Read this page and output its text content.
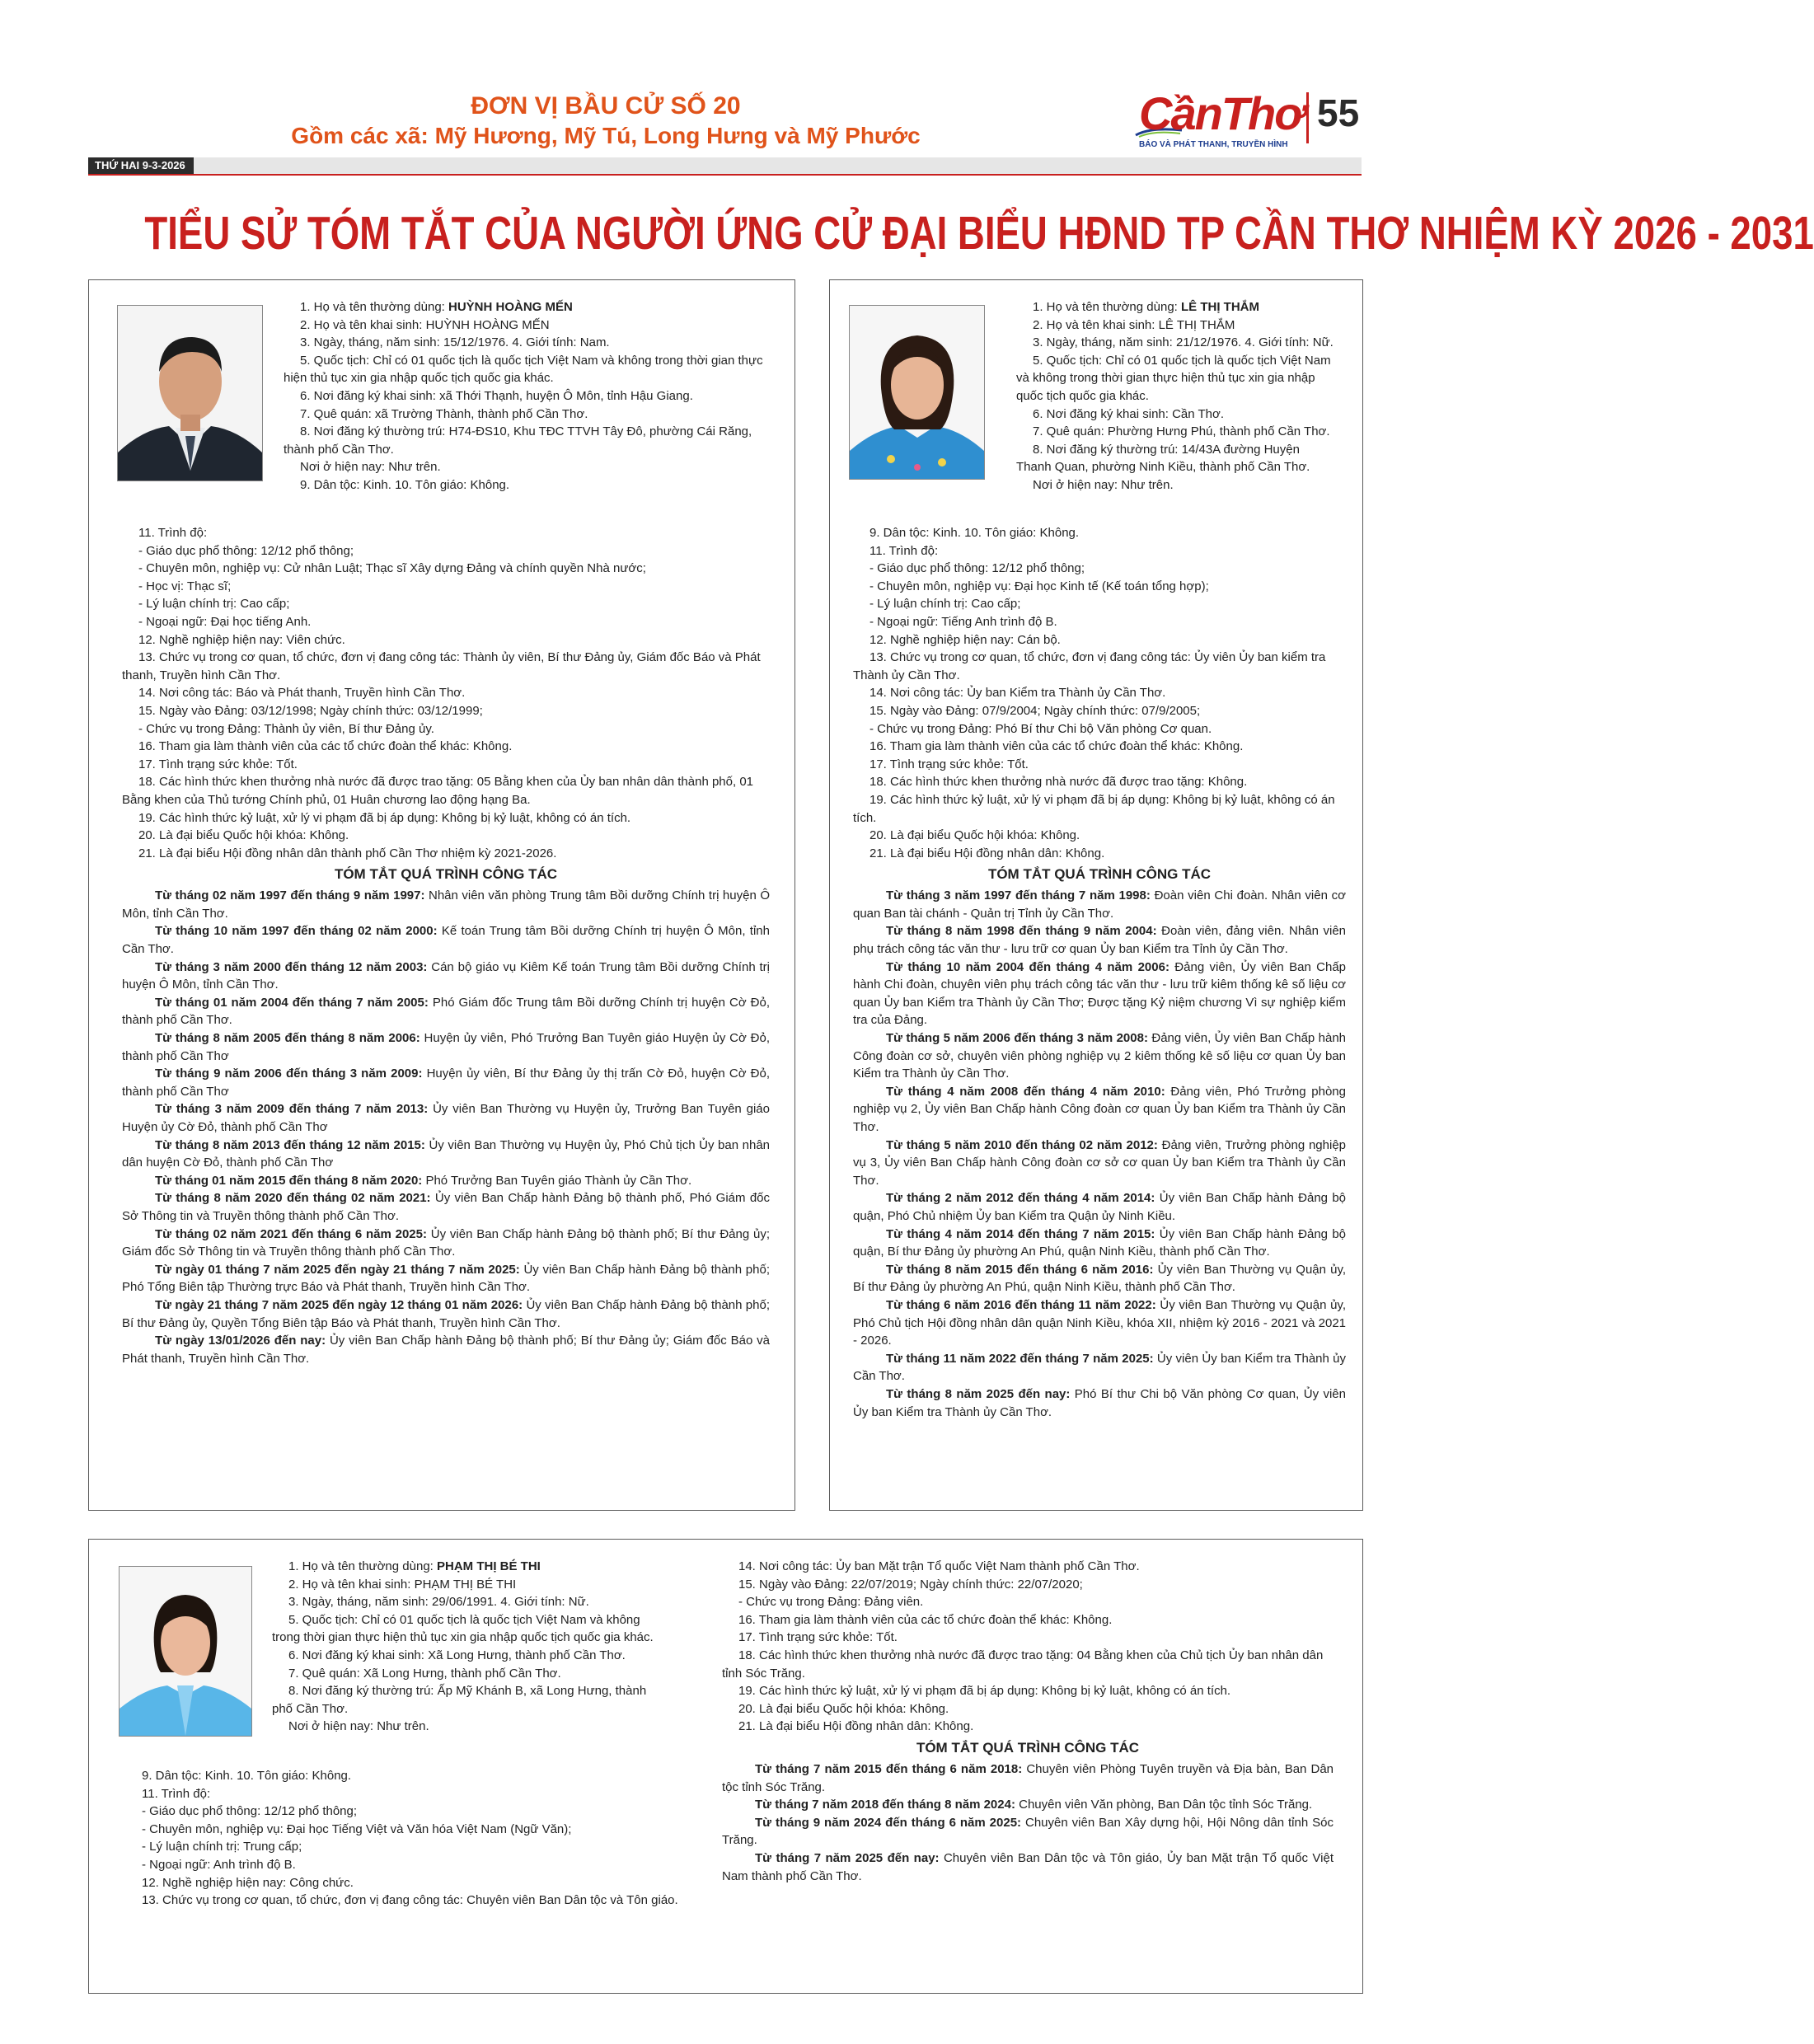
ĐƠN VỊ BẦU CỬ SỐ 20
Gồm các xã: Mỹ Hương, Mỹ Tú, Long Hưng và Mỹ Phước	CầnThơ
BÁO VÀ PHÁT THANH, TRUYỀN HÌNH
55
THỨ HAI 9-3-2026
TIỂU SỬ TÓM TẮT CỦA NGƯỜI ỨNG CỬ ĐẠI BIỂU HĐND TP CẦN THƠ NHIỆM KỲ 2026 - 2031

1. Họ và tên thường dùng: HUỲNH HOÀNG MẾN

2. Họ và tên khai sinh: HUỲNH HOÀNG MẾN

3. Ngày, tháng, năm sinh: 15/12/1976. 4. Giới tính: Nam.

5. Quốc tịch: Chỉ có 01 quốc tịch là quốc tịch Việt Nam và không trong thời gian thực hiện thủ tục xin gia nhập quốc tịch quốc gia khác.

6. Nơi đăng ký khai sinh: xã Thới Thạnh, huyện Ô Môn, tỉnh Hậu Giang.

7. Quê quán: xã Trường Thành, thành phố Cần Thơ.

8. Nơi đăng ký thường trú: H74-ĐS10, Khu TĐC TTVH Tây Đô, phường Cái Răng, thành phố Cần Thơ.

Nơi ở hiện nay: Như trên.

9. Dân tộc: Kinh. 10. Tôn giáo: Không.

11. Trình độ:

- Giáo dục phổ thông: 12/12 phổ thông;

- Chuyên môn, nghiệp vụ: Cử nhân Luật; Thạc sĩ Xây dựng Đảng và chính quyền Nhà nước;

- Học vị: Thạc sĩ;

- Lý luận chính trị: Cao cấp;

- Ngoại ngữ: Đại học tiếng Anh.

12. Nghề nghiệp hiện nay: Viên chức.

13. Chức vụ trong cơ quan, tổ chức, đơn vị đang công tác: Thành ủy viên, Bí thư Đảng ủy, Giám đốc Báo và Phát thanh, Truyền hình Cần Thơ.

14. Nơi công tác: Báo và Phát thanh, Truyền hình Cần Thơ.

15. Ngày vào Đảng: 03/12/1998; Ngày chính thức: 03/12/1999;

- Chức vụ trong Đảng: Thành ủy viên, Bí thư Đảng ủy.

16. Tham gia làm thành viên của các tổ chức đoàn thể khác: Không.

17. Tình trạng sức khỏe: Tốt.

18. Các hình thức khen thưởng nhà nước đã được trao tặng: 05 Bằng khen của Ủy ban nhân dân thành phố, 01 Bằng khen của Thủ tướng Chính phủ, 01 Huân chương lao động hạng Ba.

19. Các hình thức kỷ luật, xử lý vi phạm đã bị áp dụng: Không bị kỷ luật, không có án tích.

20. Là đại biểu Quốc hội khóa: Không.

21. Là đại biểu Hội đồng nhân dân thành phố Cần Thơ nhiệm kỳ 2021-2026.

TÓM TẮT QUÁ TRÌNH CÔNG TÁC

Từ tháng 02 năm 1997 đến tháng 9 năm 1997: Nhân viên văn phòng Trung tâm Bồi dưỡng Chính trị huyện Ô Môn, tỉnh Cần Thơ.

Từ tháng 10 năm 1997 đến tháng 02 năm 2000: Kế toán Trung tâm Bồi dưỡng Chính trị huyện Ô Môn, tỉnh Cần Thơ.

Từ tháng 3 năm 2000 đến tháng 12 năm 2003: Cán bộ giáo vụ Kiêm Kế toán Trung tâm Bồi dưỡng Chính trị huyện Ô Môn, tỉnh Cần Thơ.

Từ tháng 01 năm 2004 đến tháng 7 năm 2005: Phó Giám đốc Trung tâm Bồi dưỡng Chính trị huyện Cờ Đỏ, thành phố Cần Thơ.

Từ tháng 8 năm 2005 đến tháng 8 năm 2006: Huyện ủy viên, Phó Trưởng Ban Tuyên giáo Huyện ủy Cờ Đỏ, thành phố Cần Thơ

Từ tháng 9 năm 2006 đến tháng 3 năm 2009: Huyện ủy viên, Bí thư Đảng ủy thị trấn Cờ Đỏ, huyện Cờ Đỏ, thành phố Cần Thơ

Từ tháng 3 năm 2009 đến tháng 7 năm 2013: Ủy viên Ban Thường vụ Huyện ủy, Trưởng Ban Tuyên giáo Huyện ủy Cờ Đỏ, thành phố Cần Thơ

Từ tháng 8 năm 2013 đến tháng 12 năm 2015: Ủy viên Ban Thường vụ Huyện ủy, Phó Chủ tịch Ủy ban nhân dân huyện Cờ Đỏ, thành phố Cần Thơ

Từ tháng 01 năm 2015 đến tháng 8 năm 2020: Phó Trưởng Ban Tuyên giáo Thành ủy Cần Thơ.

Từ tháng 8 năm 2020 đến tháng 02 năm 2021: Ủy viên Ban Chấp hành Đảng bộ thành phố, Phó Giám đốc Sở Thông tin và Truyền thông thành phố Cần Thơ.

Từ tháng 02 năm 2021 đến tháng 6 năm 2025: Ủy viên Ban Chấp hành Đảng bộ thành phố; Bí thư Đảng ủy; Giám đốc Sở Thông tin và Truyền thông thành phố Cần Thơ.

Từ ngày 01 tháng 7 năm 2025 đến ngày 21 tháng 7 năm 2025: Ủy viên Ban Chấp hành Đảng bộ thành phố; Phó Tổng Biên tập Thường trực Báo và Phát thanh, Truyền hình Cần Thơ.

Từ ngày 21 tháng 7 năm 2025 đến ngày 12 tháng 01 năm 2026: Ủy viên Ban Chấp hành Đảng bộ thành phố; Bí thư Đảng ủy, Quyền Tổng Biên tập Báo và Phát thanh, Truyền hình Cần Thơ.

Từ ngày 13/01/2026 đến nay: Ủy viên Ban Chấp hành Đảng bộ thành phố; Bí thư Đảng ủy; Giám đốc Báo và Phát thanh, Truyền hình Cần Thơ.

1. Họ và tên thường dùng: LÊ THỊ THẮM

2. Họ và tên khai sinh: LÊ THỊ THẮM

3. Ngày, tháng, năm sinh: 21/12/1976. 4. Giới tính: Nữ.

5. Quốc tịch: Chỉ có 01 quốc tịch là quốc tịch Việt Nam và không trong thời gian thực hiện thủ tục xin gia nhập quốc tịch quốc gia khác.

6. Nơi đăng ký khai sinh: Cần Thơ.

7. Quê quán: Phường Hưng Phú, thành phố Cần Thơ.

8. Nơi đăng ký thường trú: 14/43A đường Huyện Thanh Quan, phường Ninh Kiều, thành phố Cần Thơ.

Nơi ở hiện nay: Như trên.

9. Dân tộc: Kinh. 10. Tôn giáo: Không.

11. Trình độ:

- Giáo dục phổ thông: 12/12 phổ thông;

- Chuyên môn, nghiệp vụ: Đại học Kinh tế (Kế toán tổng hợp);

- Lý luận chính trị: Cao cấp;

- Ngoại ngữ: Tiếng Anh trình độ B.

12. Nghề nghiệp hiện nay: Cán bộ.

13. Chức vụ trong cơ quan, tổ chức, đơn vị đang công tác: Ủy viên Ủy ban kiểm tra Thành ủy Cần Thơ.

14. Nơi công tác: Ủy ban Kiểm tra Thành ủy Cần Thơ.

15. Ngày vào Đảng: 07/9/2004; Ngày chính thức: 07/9/2005;

- Chức vụ trong Đảng: Phó Bí thư Chi bộ Văn phòng Cơ quan.

16. Tham gia làm thành viên của các tổ chức đoàn thể khác: Không.

17. Tình trạng sức khỏe: Tốt.

18. Các hình thức khen thưởng nhà nước đã được trao tặng: Không.

19. Các hình thức kỷ luật, xử lý vi phạm đã bị áp dụng: Không bị kỷ luật, không có án tích.

20. Là đại biểu Quốc hội khóa: Không.

21. Là đại biểu Hội đồng nhân dân: Không.

TÓM TẮT QUÁ TRÌNH CÔNG TÁC

Từ tháng 3 năm 1997 đến tháng 7 năm 1998: Đoàn viên Chi đoàn. Nhân viên cơ quan Ban tài chánh - Quản trị Tỉnh ủy Cần Thơ.

Từ tháng 8 năm 1998 đến tháng 9 năm 2004: Đoàn viên, đảng viên. Nhân viên phụ trách công tác văn thư - lưu trữ cơ quan Ủy ban Kiểm tra Tỉnh ủy Cần Thơ.

Từ tháng 10 năm 2004 đến tháng 4 năm 2006: Đảng viên, Ủy viên Ban Chấp hành Chi đoàn, chuyên viên phụ trách công tác văn thư - lưu trữ kiêm thống kê số liệu cơ quan Ủy ban Kiểm tra Thành ủy Cần Thơ; Được tặng Kỷ niệm chương Vì sự nghiệp kiểm tra của Đảng.

Từ tháng 5 năm 2006 đến tháng 3 năm 2008: Đảng viên, Ủy viên Ban Chấp hành Công đoàn cơ sở, chuyên viên phòng nghiệp vụ 2 kiêm thống kê số liệu cơ quan Ủy ban Kiểm tra Thành ủy Cần Thơ.

Từ tháng 4 năm 2008 đến tháng 4 năm 2010: Đảng viên, Phó Trưởng phòng nghiệp vụ 2, Ủy viên Ban Chấp hành Công đoàn cơ quan Ủy ban Kiểm tra Thành ủy Cần Thơ.

Từ tháng 5 năm 2010 đến tháng 02 năm 2012: Đảng viên, Trưởng phòng nghiệp vụ 3, Ủy viên Ban Chấp hành Công đoàn cơ sở cơ quan Ủy ban Kiểm tra Thành ủy Cần Thơ.

Từ tháng 2 năm 2012 đến tháng 4 năm 2014: Ủy viên Ban Chấp hành Đảng bộ quận, Phó Chủ nhiệm Ủy ban Kiểm tra Quận ủy Ninh Kiều.

Từ tháng 4 năm 2014 đến tháng 7 năm 2015: Ủy viên Ban Chấp hành Đảng bộ quận, Bí thư Đảng ủy phường An Phú, quận Ninh Kiều, thành phố Cần Thơ.

Từ tháng 8 năm 2015 đến tháng 6 năm 2016: Ủy viên Ban Thường vụ Quận ủy, Bí thư Đảng ủy phường An Phú, quận Ninh Kiều, thành phố Cần Thơ.

Từ tháng 6 năm 2016 đến tháng 11 năm 2022: Ủy viên Ban Thường vụ Quận ủy, Phó Chủ tịch Hội đồng nhân dân quận Ninh Kiều, khóa XII, nhiệm kỳ 2016 - 2021 và 2021 - 2026.

Từ tháng 11 năm 2022 đến tháng 7 năm 2025: Ủy viên Ủy ban Kiểm tra Thành ủy Cần Thơ.

Từ tháng 8 năm 2025 đến nay: Phó Bí thư Chi bộ Văn phòng Cơ quan, Ủy viên Ủy ban Kiểm tra Thành ủy Cần Thơ.

1. Họ và tên thường dùng: PHẠM THỊ BÉ THI

2. Họ và tên khai sinh: PHẠM THỊ BÉ THI

3. Ngày, tháng, năm sinh: 29/06/1991. 4. Giới tính: Nữ.

5. Quốc tịch: Chỉ có 01 quốc tịch là quốc tịch Việt Nam và không trong thời gian thực hiện thủ tục xin gia nhập quốc tịch quốc gia khác.

6. Nơi đăng ký khai sinh: Xã Long Hưng, thành phố Cần Thơ.

7. Quê quán: Xã Long Hưng, thành phố Cần Thơ.

8. Nơi đăng ký thường trú: Ấp Mỹ Khánh B, xã Long Hưng, thành phố Cần Thơ.

Nơi ở hiện nay: Như trên.

9. Dân tộc: Kinh. 10. Tôn giáo: Không.

11. Trình độ:

- Giáo dục phổ thông: 12/12 phổ thông;

- Chuyên môn, nghiệp vụ: Đại học Tiếng Việt và Văn hóa Việt Nam (Ngữ Văn);

- Lý luận chính trị: Trung cấp;

- Ngoại ngữ: Anh trình độ B.

12. Nghề nghiệp hiện nay: Công chức.

13. Chức vụ trong cơ quan, tổ chức, đơn vị đang công tác: Chuyên viên Ban Dân tộc và Tôn giáo.

14. Nơi công tác: Ủy ban Mặt trận Tổ quốc Việt Nam thành phố Cần Thơ.

15. Ngày vào Đảng: 22/07/2019; Ngày chính thức: 22/07/2020;

- Chức vụ trong Đảng: Đảng viên.

16. Tham gia làm thành viên của các tổ chức đoàn thể khác: Không.

17. Tình trạng sức khỏe: Tốt.

18. Các hình thức khen thưởng nhà nước đã được trao tặng: 04 Bằng khen của Chủ tịch Ủy ban nhân dân tỉnh Sóc Trăng.

19. Các hình thức kỷ luật, xử lý vi phạm đã bị áp dụng: Không bị kỷ luật, không có án tích.

20. Là đại biểu Quốc hội khóa: Không.

21. Là đại biểu Hội đồng nhân dân: Không.

TÓM TẮT QUÁ TRÌNH CÔNG TÁC

Từ tháng 7 năm 2015 đến tháng 6 năm 2018: Chuyên viên Phòng Tuyên truyền và Địa bàn, Ban Dân tộc tỉnh Sóc Trăng.

Từ tháng 7 năm 2018 đến tháng 8 năm 2024: Chuyên viên Văn phòng, Ban Dân tộc tỉnh Sóc Trăng.

Từ tháng 9 năm 2024 đến tháng 6 năm 2025: Chuyên viên Ban Xây dựng hội, Hội Nông dân tỉnh Sóc Trăng.

Từ tháng 7 năm 2025 đến nay: Chuyên viên Ban Dân tộc và Tôn giáo, Ủy ban Mặt trận Tổ quốc Việt Nam thành phố Cần Thơ.
